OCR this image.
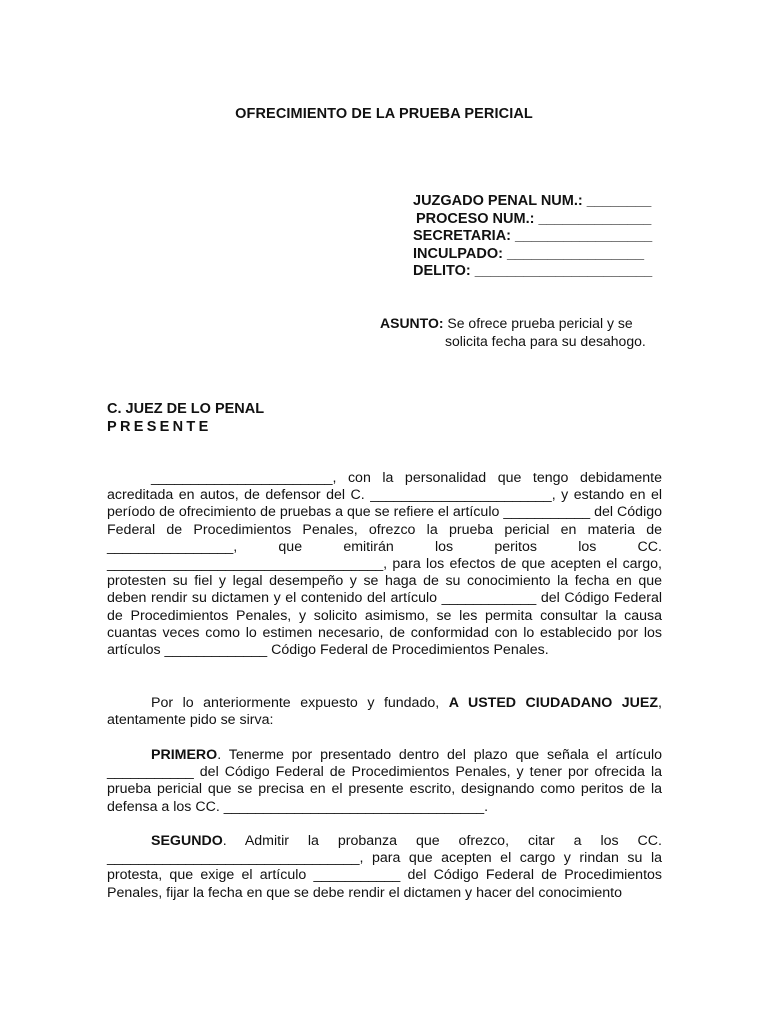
OFRECIMIENTO DE LA PRUEBA PERICIAL
JUZGADO PENAL NUM.: ________
PROCESO NUM.: ______________
SECRETARIA: _________________
INCULPADO: _________________
DELITO: ______________________
ASUNTO: Se ofrece prueba pericial y se
solicita fecha para su desahogo.
C. JUEZ DE LO PENAL
PRESENTE

_______________________, con la personalidad que tengo debidamente acreditada en autos, de defensor del C. _______________________, y estando en el período de ofrecimiento de pruebas a que se refiere el artículo ___________ del Código Federal de Procedimientos Penales, ofrezco la prueba pericial en materia de ________________, que emitirán los peritos los CC. ___________________________________, para los efectos de que acepten el cargo, protesten su fiel y legal desempeño y se haga de su conocimiento la fecha en que deben rendir su dictamen y el contenido del artículo ____________ del Código Federal de Procedimientos Penales, y solicito asimismo, se les permita consultar la causa cuantas veces como lo estimen necesario, de conformidad con lo establecido por los artículos _____________ Código Federal de Procedimientos Penales.

Por lo anteriormente expuesto y fundado, A USTED CIUDADANO JUEZ, atentamente pido se sirva:

PRIMERO. Tenerme por presentado dentro del plazo que señala el artículo ___________ del Código Federal de Procedimientos Penales, y tener por ofrecida la prueba pericial que se precisa en el presente escrito, designando como peritos de la defensa a los CC. _________________________________.

SEGUNDO. Admitir la probanza que ofrezco, citar a los CC. ________________________________, para que acepten el cargo y rindan su la protesta, que exige el artículo ___________ del Código Federal de Procedimientos Penales, fijar la fecha en que se debe rendir el dictamen y hacer del conocimiento
